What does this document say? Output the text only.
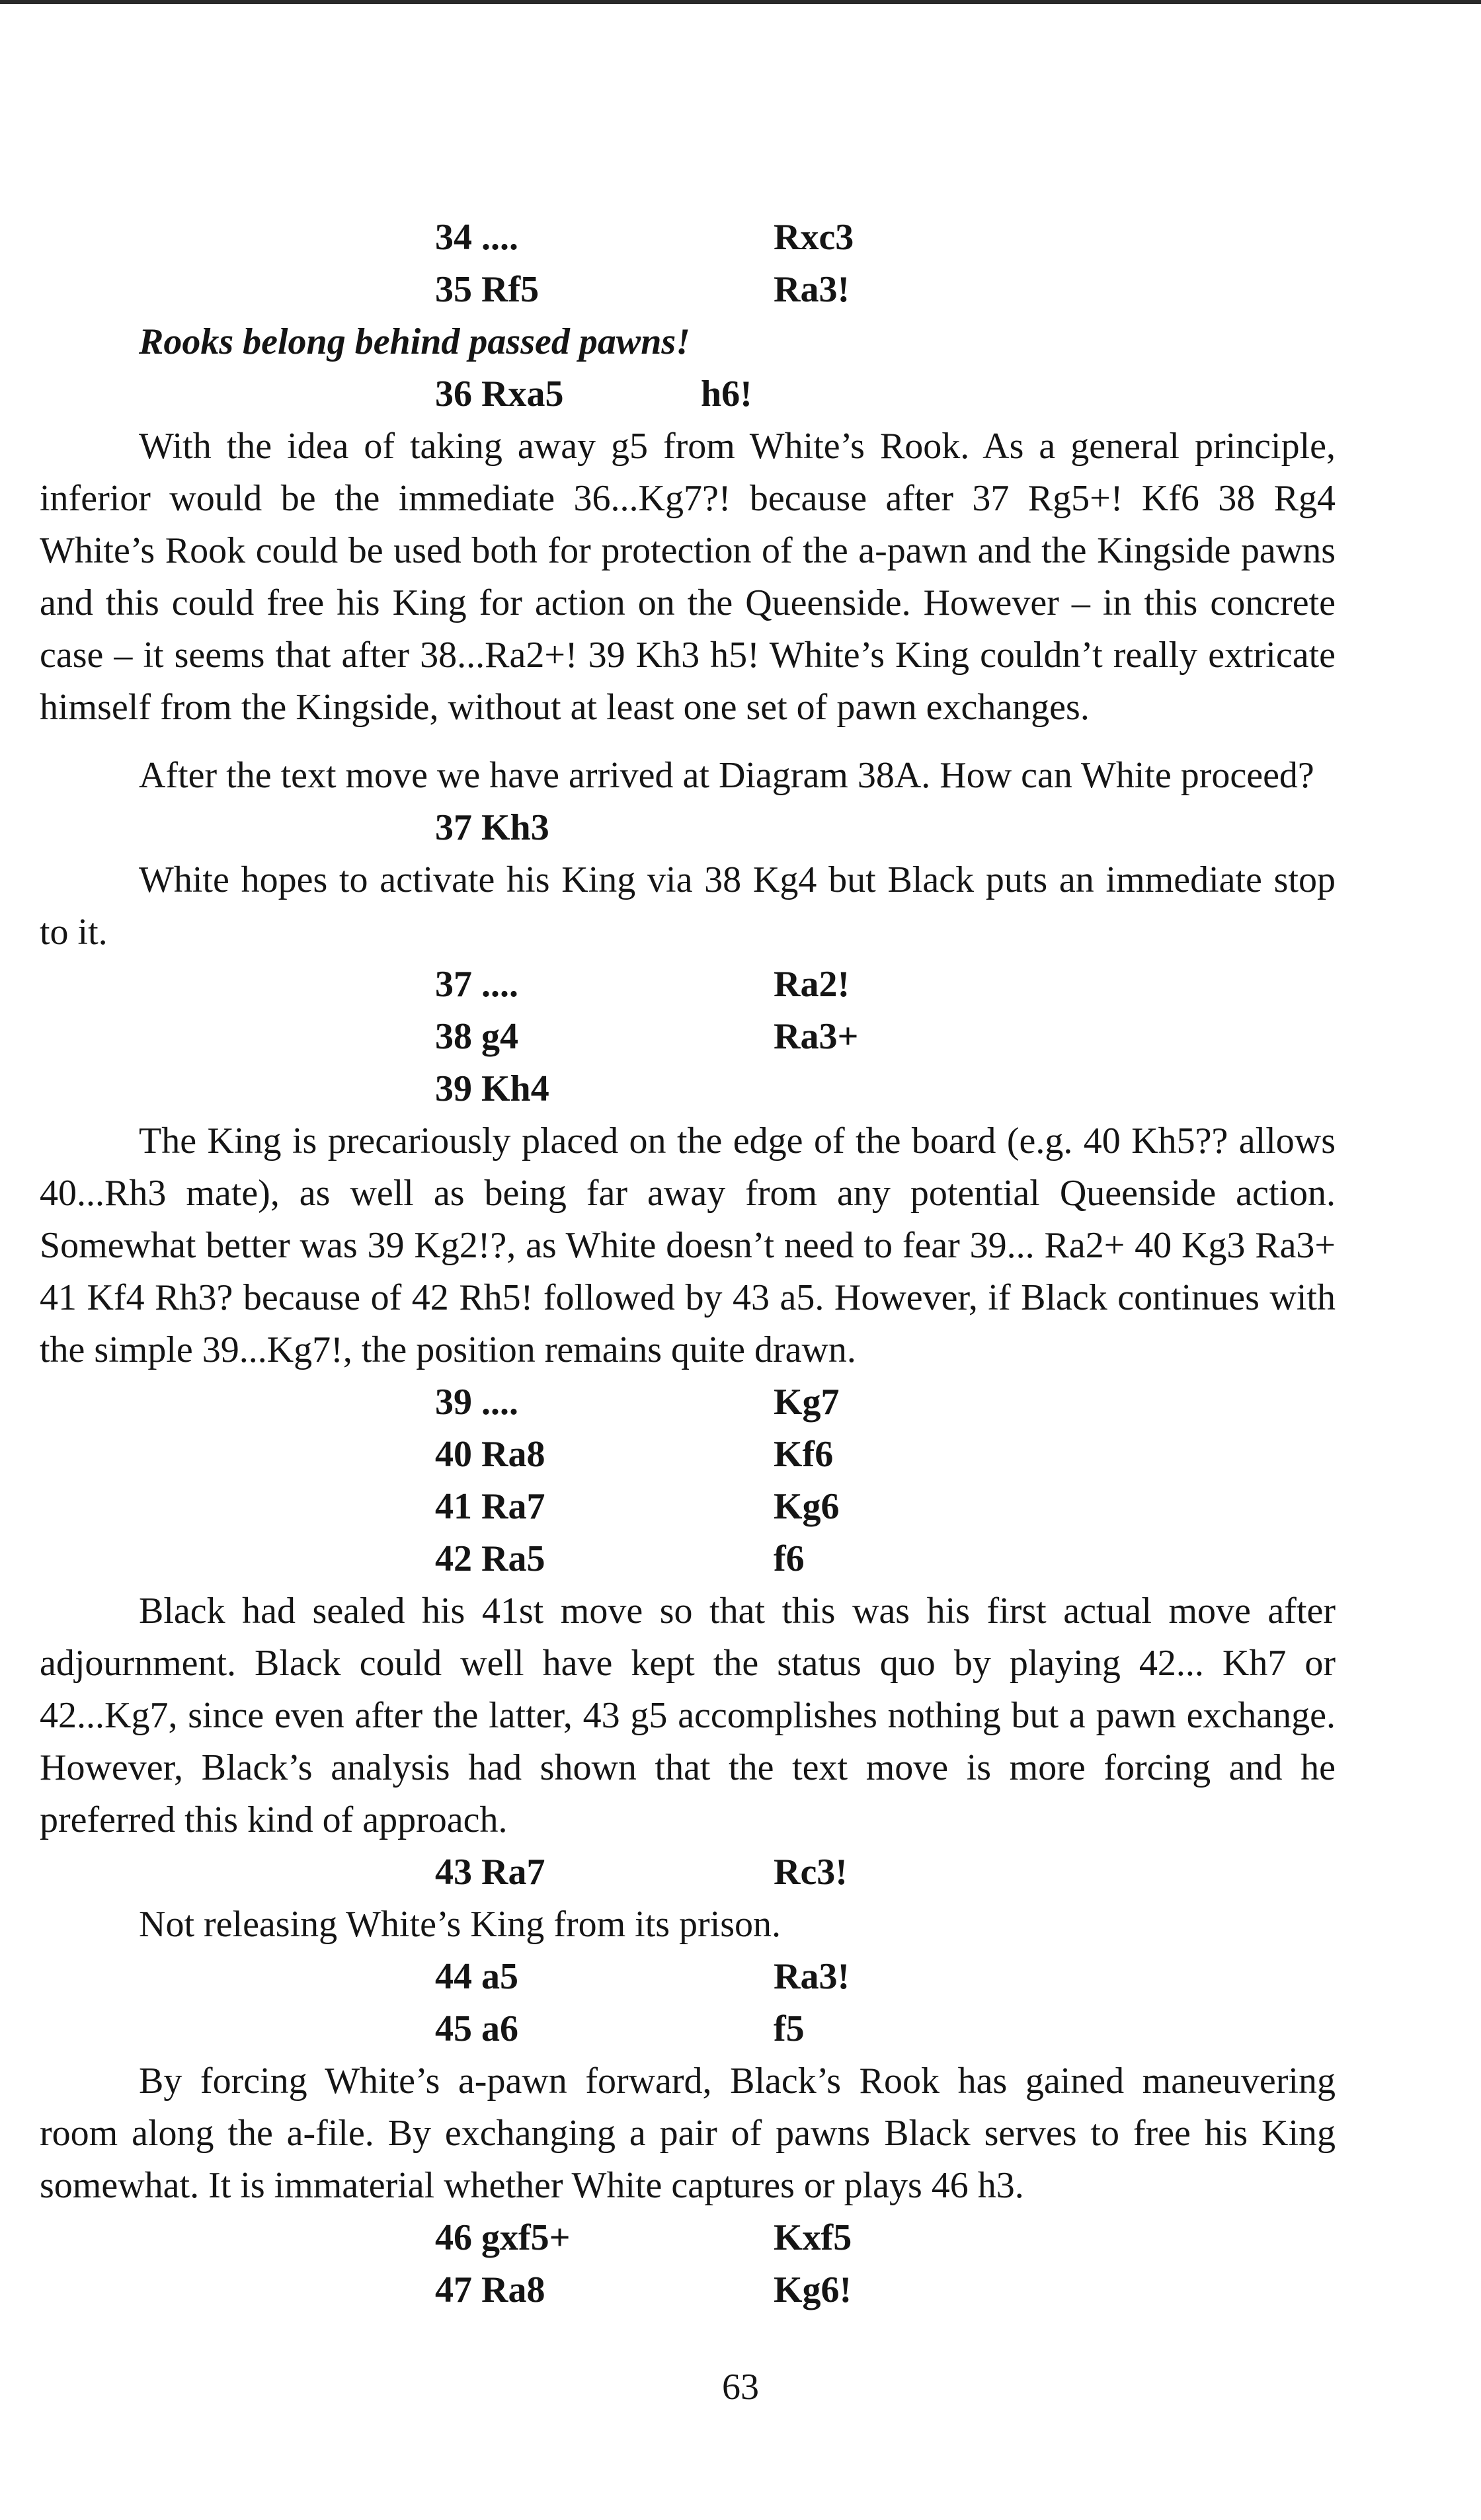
34 ....	Rxc3
35 Rf5	Ra3!

Rooks belong behind passed pawns!

36 Rxa5	h6!

With the idea of taking away g5 from White’s Rook. As a general principle, inferior would be the immediate 36...Kg7?! because after 37 Rg5+! Kf6 38 Rg4 White’s Rook could be used both for protection of the a-pawn and the Kingside pawns and this could free his King for action on the Queenside. However – in this concrete case – it seems that after 38...Ra2+! 39 Kh3 h5! White’s King couldn’t really extricate himself from the Kingside, without at least one set of pawn exchanges.

After the text move we have arrived at Diagram 38A. How can White proceed?

37 Kh3

White hopes to activate his King via 38 Kg4 but Black puts an immediate stop to it.

37 ....	Ra2!
38 g4	Ra3+
39 Kh4

The King is precariously placed on the edge of the board (e.g. 40 Kh5?? allows 40...Rh3 mate), as well as being far away from any potential Queenside action. Somewhat better was 39 Kg2!?, as White doesn’t need to fear 39... Ra2+ 40 Kg3 Ra3+ 41 Kf4 Rh3? because of 42 Rh5! followed by 43 a5. However, if Black continues with the simple 39...Kg7!, the position remains quite drawn.

39 ....	Kg7
40 Ra8	Kf6
41 Ra7	Kg6
42 Ra5	f6

Black had sealed his 41st move so that this was his first actual move after adjournment. Black could well have kept the status quo by playing 42... Kh7 or 42...Kg7, since even after the latter, 43 g5 accomplishes nothing but a pawn exchange. However, Black’s analysis had shown that the text move is more forcing and he preferred this kind of approach.

43 Ra7	Rc3!

Not releasing White’s King from its prison.

44 a5	Ra3!
45 a6	f5

By forcing White’s a-pawn forward, Black’s Rook has gained maneuvering room along the a-file. By exchanging a pair of pawns Black serves to free his King somewhat. It is immaterial whether White captures or plays 46 h3.

46 gxf5+	Kxf5
47 Ra8	Kg6!
63
